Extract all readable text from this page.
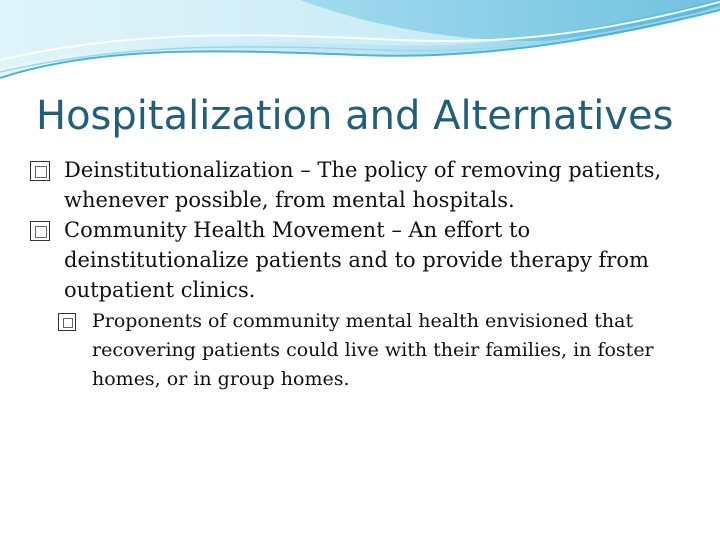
Hospitalization and Alternatives

Deinstitutionalization – The policy of removing patients, whenever possible, from mental hospitals.

Community Health Movement – An effort to deinstitutionalize patients and to provide therapy from outpatient clinics.

Proponents of community mental health envisioned that recovering patients could live with their families, in foster homes, or in group homes.
